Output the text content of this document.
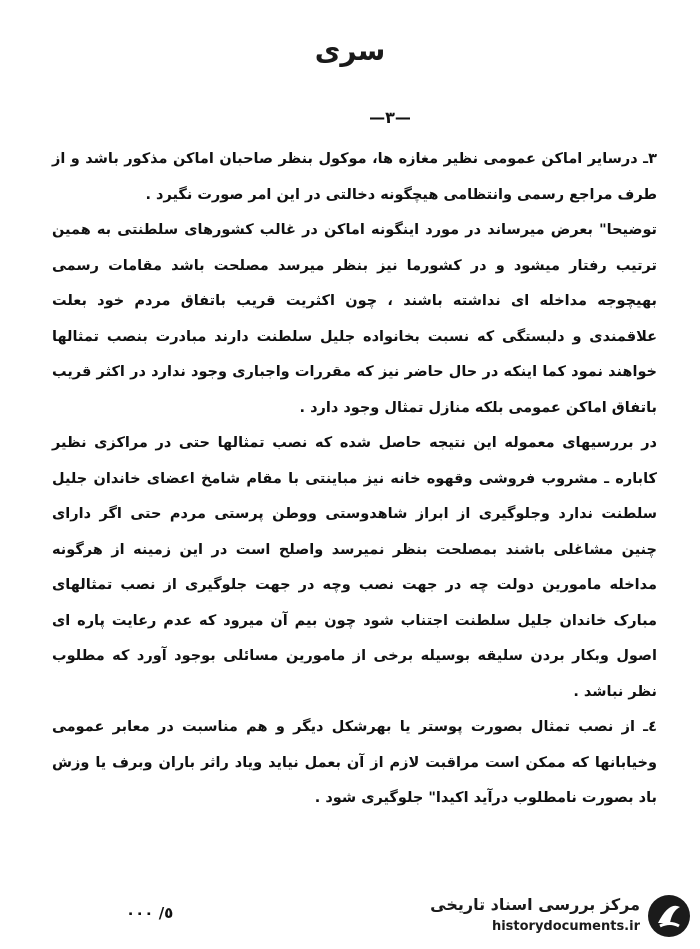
سری
—٣—

٣ـ درسایر اماکن عمومی نظیر مغازه ها، موکول بنظر صاحبان اماکن مذکور باشد و از طرف مراجع رسمی وانتظامی هیچگونه دخالتی در این امر صورت نگیرد .

توضیحا" بعرض میرساند در مورد اینگونه اماکن در غالب کشورهای سلطنتی به همین ترتیب رفتار میشود و در کشورما نیز بنظر میرسد مصلحت باشد مقامات رسمی بهیچوجه مداخله ای نداشته باشند ، چون اکثریت قریب باتفاق مردم خود بعلت علاقمندی و دلبستگی که نسبت بخانواده جلیل سلطنت دارند مبادرت بنصب تمثالها خواهند نمود کما اینکه در حال حاضر نیز که مقررات واجباری وجود ندارد در اکثر قریب باتفاق اماکن عمومی بلکه منازل تمثال وجود دارد .

در بررسیهای معموله این نتیجه حاصل شده که نصب تمثالها حتی در مراکزی نظیر کاباره ـ مشروب فروشی وقهوه خانه نیز مباینتی با مقام شامخ اعضای خاندان جلیل سلطنت ندارد وجلوگیری از ابراز شاهدوستی ووطن پرستی مردم حتی اگر دارای چنین مشاغلی باشند بمصلحت بنظر نمیرسد واصلح است در این زمینه از هرگونه مداخله مامورین دولت چه در جهت نصب وچه در جهت جلوگیری از نصب تمثالهای مبارک خاندان جلیل سلطنت اجتناب شود چون بیم آن میرود که عدم رعایت پاره ای اصول وبکار بردن سلیقه بوسیله برخی از مامورین مسائلی بوجود آورد که مطلوب نظر نباشد .

٤ـ از نصب تمثال بصورت پوستر یا بهرشکل دیگر و هم مناسبت در معابر عمومی وخیابانها که ممکن است مراقبت لازم از آن بعمل نیاید ویاد راثر باران وبرف یا وزش باد بصورت نامطلوب درآید اکیدا" جلوگیری شود .

٥/ ٠٠٠	مرکز بررسی اسناد تاریخی
historydocuments.ir
